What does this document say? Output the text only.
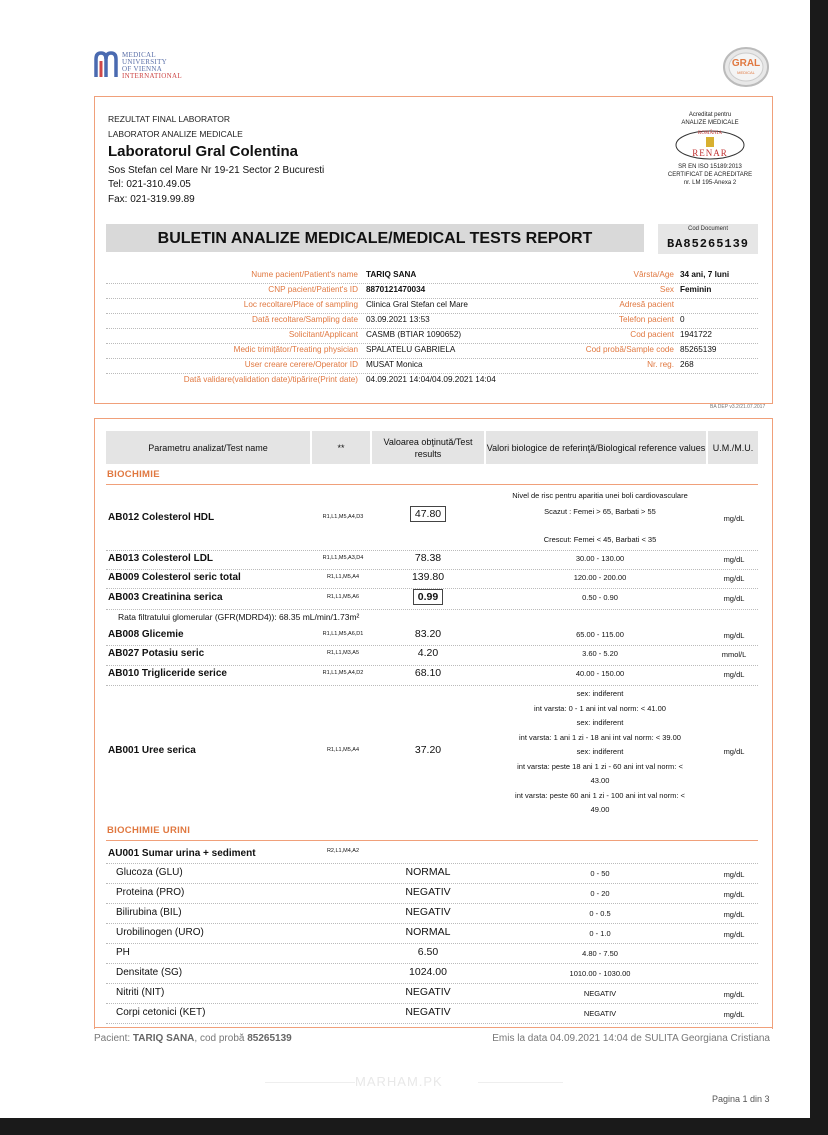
MEDICAL
UNIVERSITY
OF VIENNA
INTERNATIONAL
GRAL
MEDICAL
REZULTAT FINAL LABORATOR
LABORATOR ANALIZE MEDICALE
Laboratorul Gral Colentina
Sos Stefan cel Mare Nr 19-21 Sector 2 Bucuresti
Tel: 021-310.49.05
Fax: 021-319.99.89
Acreditat pentru
ANALIZE MEDICALE
ROMÂNIA
RENAR
SR EN ISO 15189:2013
CERTIFICAT DE ACREDITARE
nr. LM 195-Anexa 2
BULETIN ANALIZE MEDICALE/MEDICAL TESTS REPORT
Cod Document
BA85265139
Nume pacient/Patient's name TARIQ SANA	Vârsta/Age 34 ani, 7 luni
CNP pacient/Patient's ID 8870121470034	Sex Feminin
Loc recoltare/Place of sampling Clinica Gral Stefan cel Mare	Adresă pacient
Dată recoltare/Sampling date 03.09.2021 13:53	Telefon pacient 0
Solicitant/Applicant CASMB (BTIAR 1090652)	Cod pacient 1941722
Medic trimițător/Treating physician SPALATELU GABRIELA	Cod probă/Sample code 85265139
User creare cerere/Operator ID MUSAT Monica	Nr. reg. 268
Dată validare(validation date)/tipărire(Print date) 04.09.2021 14:04/04.09.2021 14:04
BA DEP v3.2/21.07.2017
Parametru analizat/Test name	**
Valoarea obţinută/Test results
Valori biologice de referinţă/Biological reference values U.M./M.U.
BIOCHIMIE
Nivel de risc pentru aparitia unei boli cardiovasculare
Scazut : Femei > 65, Barbati > 55
AB012 Colesterol HDL	R1,L1,M5,A4,D3	47.80	mg/dL
Crescut: Femei < 45, Barbati < 35
AB013 Colesterol LDL	R1,L1,M5,A3,D4	78.38	30.00 - 130.00	mg/dL
AB009 Colesterol seric total	R1,L1,M5,A4	139.80	120.00 - 200.00	mg/dL
AB003 Creatinina serica	R1,L1,M5,A6	0.99	0.50 - 0.90	mg/dL
Rata filtratului glomerular (GFR(MDRD4)): 68.35 mL/min/1.73m²
AB008 Glicemie	R1,L1,M5,A6,D1	83.20	65.00 - 115.00	mg/dL
AB027 Potasiu seric	R1,L1,M3,A5	4.20	3.60 - 5.20	mmol/L
AB010 Trigliceride serice	R1,L1,M5,A4,D2	68.10	40.00 - 150.00	mg/dL
sex: indiferent
int varsta: 0 - 1 ani int val norm: < 41.00
sex: indiferent
int varsta: 1 ani 1 zi - 18 ani int val norm: < 39.00
sex: indiferent
int varsta: peste 18 ani 1 zi - 60 ani int val norm: <
43.00
int varsta: peste 60 ani 1 zi - 100 ani int val norm: <
49.00
AB001 Uree serica	R1,L1,M5,A4	37.20	mg/dL
BIOCHIMIE URINI
AU001 Sumar urina + sediment	R2,L1,M4,A2
Glucoza (GLU)	NORMAL	0 - 50	mg/dL
Proteina (PRO)	NEGATIV	0 - 20	mg/dL
Bilirubina (BIL)	NEGATIV	0 - 0.5	mg/dL
Urobilinogen (URO)	NORMAL	0 - 1.0	mg/dL
PH	6.50	4.80 - 7.50
Densitate (SG)	1024.00	1010.00 - 1030.00
Nitriti (NIT)	NEGATIV	NEGATIV	mg/dL
Corpi cetonici (KET)	NEGATIV	NEGATIV	mg/dL
Pacient: TARIQ SANA, cod probă 85265139	Emis la data 04.09.2021 14:04 de SULITA Georgiana Cristiana
MARHAM.PK
Pagina 1 din 3
